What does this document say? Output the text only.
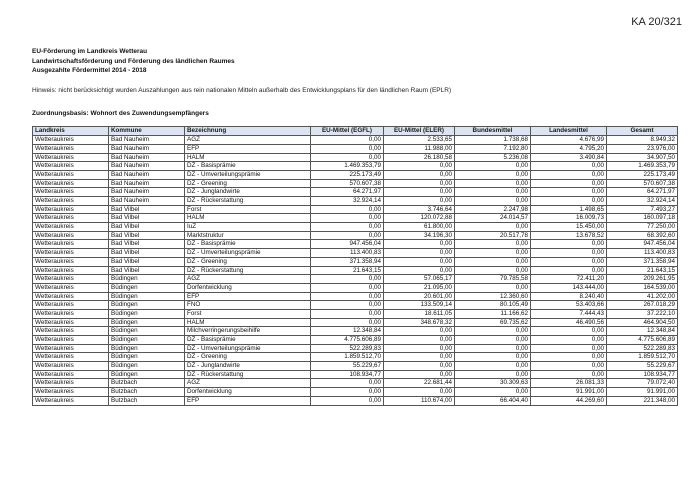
KA 20/321
EU-Förderung im Landkreis Wetterau
Landwirtschaftsförderung und Förderung des ländlichen Raumes
Ausgezahlte Fördermittel 2014 - 2018
Hinweis: nicht berücksichtigt wurden Auszahlungen aus rein nationalen Mitteln außerhalb des Entwicklungsplans für den ländlichen Raum (EPLR)
Zuordnungsbasis: Wohnort des Zuwendungsempfängers
Landkreis	Kommune	Bezeichnung	EU-Mittel (EGFL)	EU-Mittel (ELER)	Bundesmittel	Landesmittel	Gesamt
Wetteraukreis	Bad Nauheim	AGZ	0,00	2.533,65	1.738,68	4.676,99	8.949,32
Wetteraukreis	Bad Nauheim	EFP	0,00	11.988,00	7.192,80	4.795,20	23.976,00
Wetteraukreis	Bad Nauheim	HALM	0,00	26.180,58	5.236,08	3.490,84	34.907,50
Wetteraukreis	Bad Nauheim	DZ - Basisprämie	1.469.353,79	0,00	0,00	0,00	1.469.353,79
Wetteraukreis	Bad Nauheim	DZ - Umverteilungsprämie	225.173,49	0,00	0,00	0,00	225.173,49
Wetteraukreis	Bad Nauheim	DZ - Greening	570.607,38	0,00	0,00	0,00	570.607,38
Wetteraukreis	Bad Nauheim	DZ - Junglandwirte	64.271,97	0,00	0,00	0,00	64.271,97
Wetteraukreis	Bad Nauheim	DZ - Rückerstattung	32.924,14	0,00	0,00	0,00	32.924,14
Wetteraukreis	Bad Vilbel	Forst	0,00	3.746,64	2.247,98	1.498,65	7.493,27
Wetteraukreis	Bad Vilbel	HALM	0,00	120.072,88	24.014,57	16.009,73	160.097,18
Wetteraukreis	Bad Vilbel	IuZ	0,00	61.800,00	0,00	15.450,00	77.250,00
Wetteraukreis	Bad Vilbel	Marktstruktur	0,00	34.196,30	20.517,78	13.678,52	68.392,60
Wetteraukreis	Bad Vilbel	DZ - Basisprämie	947.456,04	0,00	0,00	0,00	947.456,04
Wetteraukreis	Bad Vilbel	DZ - Umverteilungsprämie	113.400,83	0,00	0,00	0,00	113.400,83
Wetteraukreis	Bad Vilbel	DZ - Greening	371.358,94	0,00	0,00	0,00	371.358,94
Wetteraukreis	Bad Vilbel	DZ - Rückerstattung	21.643,15	0,00	0,00	0,00	21.643,15
Wetteraukreis	Büdingen	AGZ	0,00	57.065,17	79.785,58	72.411,20	209.261,95
Wetteraukreis	Büdingen	Dorfentwicklung	0,00	21.095,00	0,00	143.444,00	164.539,00
Wetteraukreis	Büdingen	EFP	0,00	20.601,00	12.360,60	8.240,40	41.202,00
Wetteraukreis	Büdingen	FNO	0,00	133.509,14	80.105,49	53.403,66	267.018,29
Wetteraukreis	Büdingen	Forst	0,00	18.611,05	11.166,62	7.444,43	37.222,10
Wetteraukreis	Büdingen	HALM	0,00	348.678,32	69.735,62	46.490,56	464.904,50
Wetteraukreis	Büdingen	Milchverringerungsbeihilfe	12.348,84	0,00	0,00	0,00	12.348,84
Wetteraukreis	Büdingen	DZ - Basisprämie	4.775.606,89	0,00	0,00	0,00	4.775.606,89
Wetteraukreis	Büdingen	DZ - Umverteilungsprämie	522.289,83	0,00	0,00	0,00	522.289,83
Wetteraukreis	Büdingen	DZ - Greening	1.859.512,70	0,00	0,00	0,00	1.859.512,70
Wetteraukreis	Büdingen	DZ - Junglandwirte	55.229,67	0,00	0,00	0,00	55.229,67
Wetteraukreis	Büdingen	DZ - Rückerstattung	108.934,77	0,00	0,00	0,00	108.934,77
Wetteraukreis	Butzbach	AGZ	0,00	22.681,44	30.309,63	26.081,33	79.072,40
Wetteraukreis	Butzbach	Dorfentwicklung	0,00	0,00	0,00	91.991,00	91.991,00
Wetteraukreis	Butzbach	EFP	0,00	110.674,00	66.404,40	44.269,60	221.348,00
